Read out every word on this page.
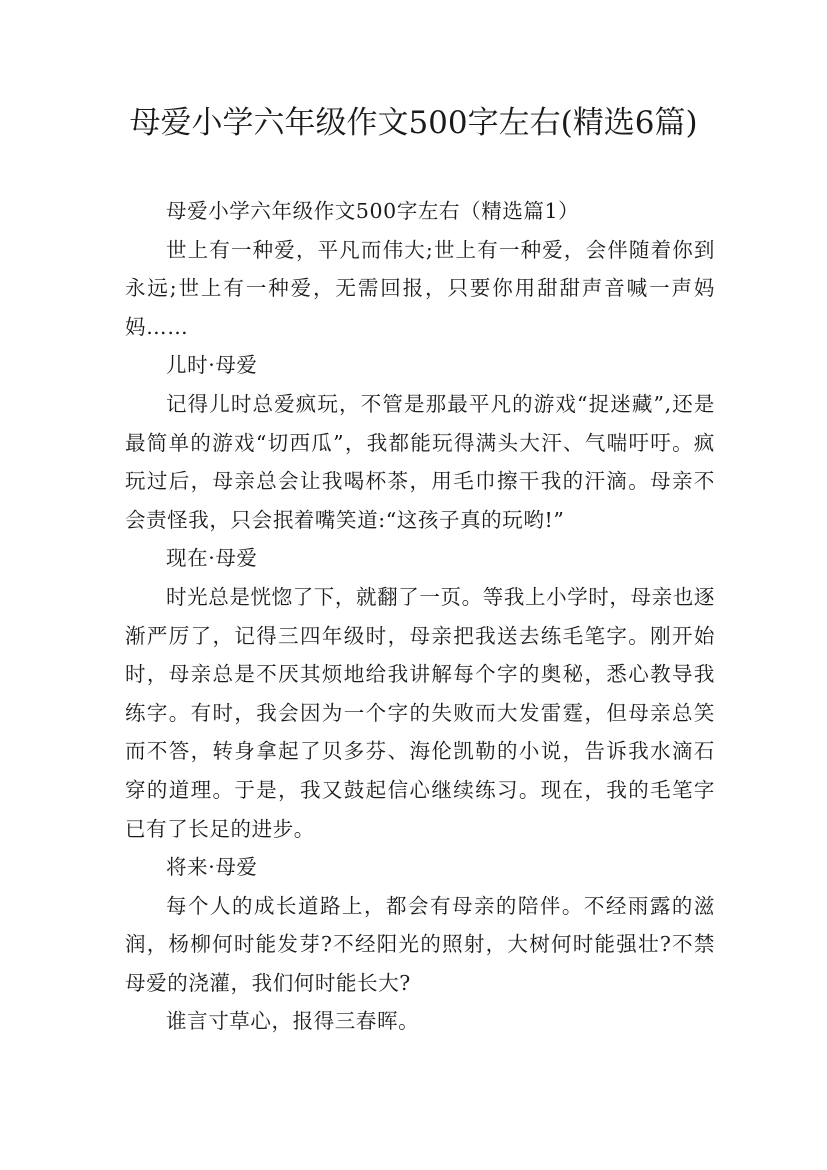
母爱小学六年级作文500字左右(精选6篇)

母爱小学六年级作文500字左右（精选篇1）

世上有一种爱，平凡而伟大;世上有一种爱，会伴随着你到永远;世上有一种爱，无需回报，只要你用甜甜声音喊一声妈妈……

儿时·母爱

记得儿时总爱疯玩，不管是那最平凡的游戏“捉迷藏”,还是最简单的游戏“切西瓜”，我都能玩得满头大汗、气喘吁吁。疯玩过后，母亲总会让我喝杯茶，用毛巾擦干我的汗滴。母亲不会责怪我，只会抿着嘴笑道:“这孩子真的玩哟!”

现在·母爱

时光总是恍惚了下，就翻了一页。等我上小学时，母亲也逐渐严厉了，记得三四年级时，母亲把我送去练毛笔字。刚开始时，母亲总是不厌其烦地给我讲解每个字的奥秘，悉心教导我练字。有时，我会因为一个字的失败而大发雷霆，但母亲总笑而不答，转身拿起了贝多芬、海伦凯勒的小说，告诉我水滴石穿的道理。于是，我又鼓起信心继续练习。现在，我的毛笔字已有了长足的进步。

将来·母爱

每个人的成长道路上，都会有母亲的陪伴。不经雨露的滋润，杨柳何时能发芽?不经阳光的照射，大树何时能强壮?不禁母爱的浇灌，我们何时能长大?

谁言寸草心，报得三春晖。
